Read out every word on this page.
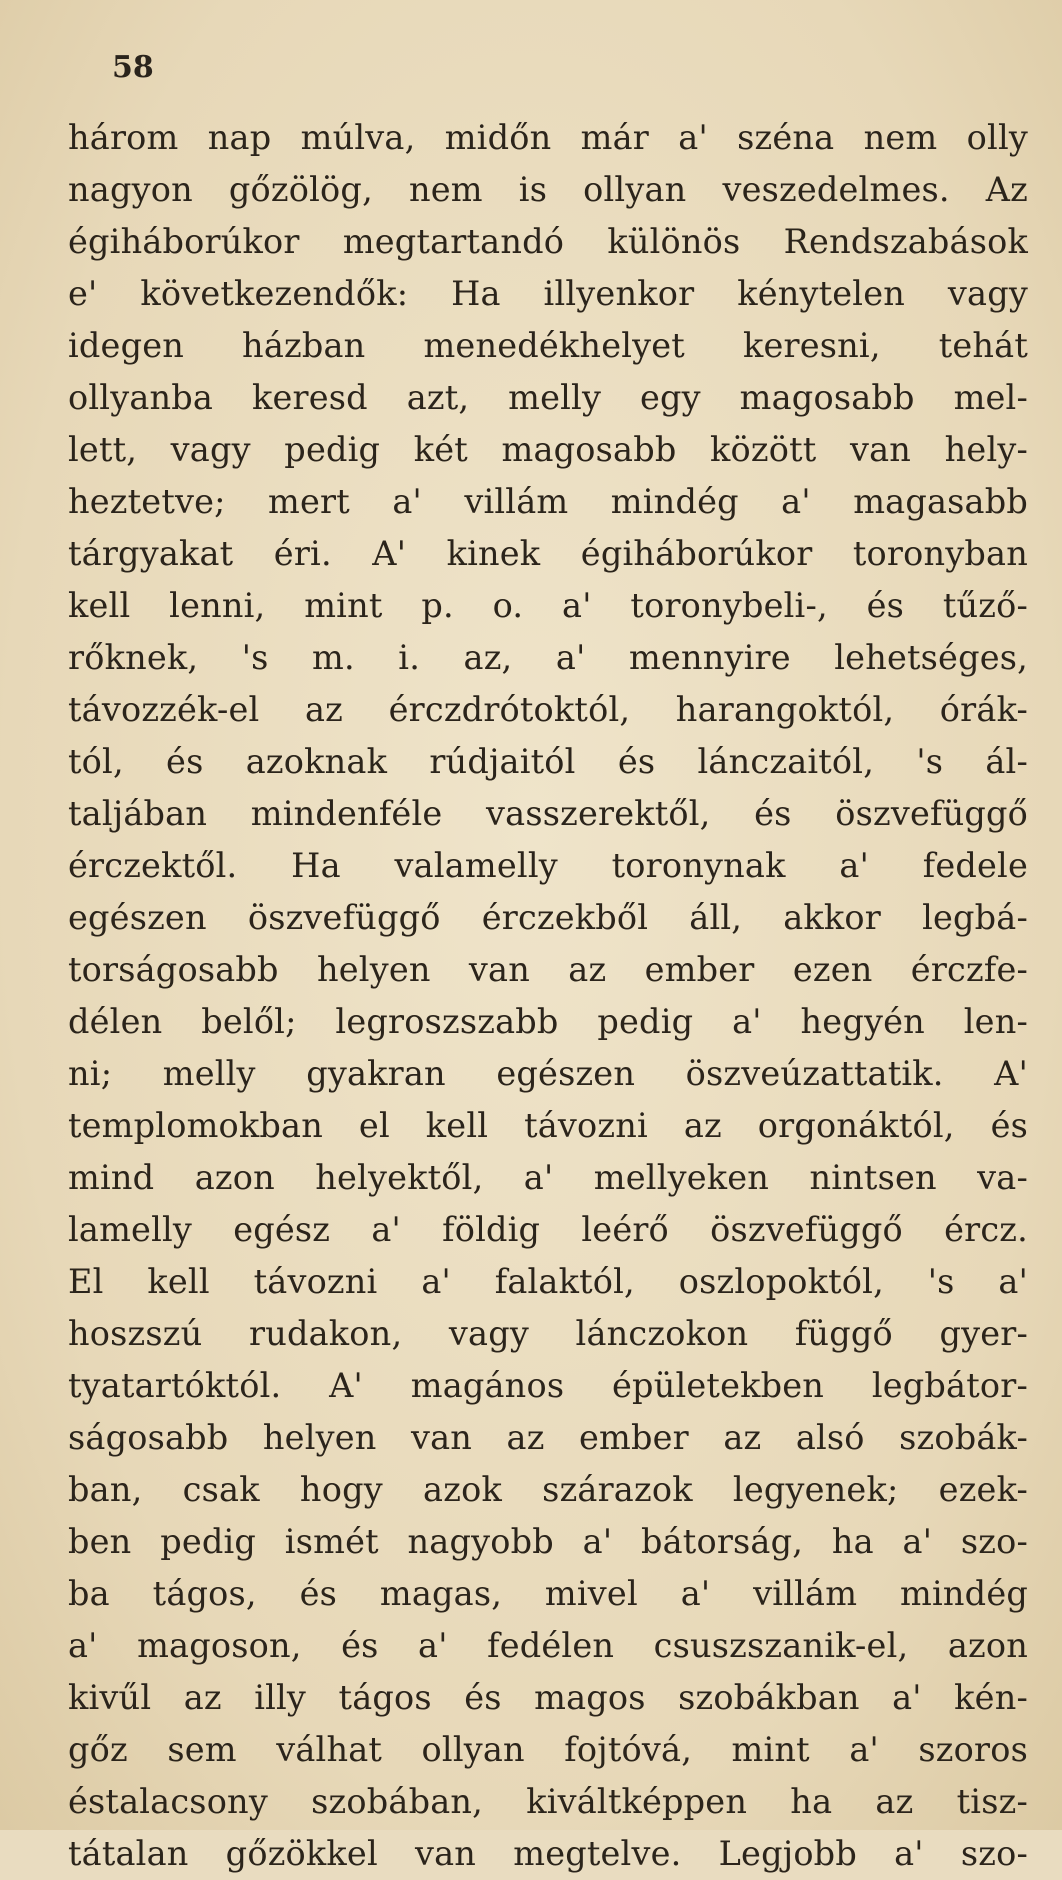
58
három nap múlva, midőn már a' széna nem olly
nagyon gőzölög, nem is ollyan veszedelmes. Az
égiháborúkor megtartandó különös Rendszabások
e' következendők: Ha illyenkor kénytelen vagy
idegen házban menedékhelyet keresni, tehát
ollyanba keresd azt, melly egy magosabb mel-
lett, vagy pedig két magosabb között van hely-
heztetve; mert a' villám mindég a' magasabb
tárgyakat éri. A' kinek égiháborúkor toronyban
kell lenni, mint p. o. a' toronybeli-, és tűző-
rőknek, 's m. i. az, a' mennyire lehetséges,
távozzék-el az érczdrótoktól, harangoktól, órák-
tól, és azoknak rúdjaitól és lánczaitól, 's ál-
taljában mindenféle vasszerektől, és öszvefüggő
érczektől. Ha valamelly toronynak a' fedele
egészen öszvefüggő érczekből áll, akkor legbá-
torságosabb helyen van az ember ezen érczfe-
délen belől; legroszszabb pedig a' hegyén len-
ni; melly gyakran egészen öszveúzattatik. A'
templomokban el kell távozni az orgonáktól, és
mind azon helyektől, a' mellyeken nintsen va-
lamelly egész a' földig leérő öszvefüggő ércz.
El kell távozni a' falaktól, oszlopoktól, 's a'
hoszszú rudakon, vagy lánczokon függő gyer-
tyatartóktól. A' magános épületekben legbátor-
ságosabb helyen van az ember az alsó szobák-
ban, csak hogy azok szárazok legyenek; ezek-
ben pedig ismét nagyobb a' bátorság, ha a' szo-
ba tágos, és magas, mivel a' villám mindég
a' magoson, és a' fedélen csuszszanik-el, azon
kivűl az illy tágos és magos szobákban a' kén-
gőz sem válhat ollyan fojtóvá, mint a' szoros
éstalacsony szobában, kiváltképpen ha az tisz-
tátalan gőzökkel van megtelve. Legjobb a' szo-
